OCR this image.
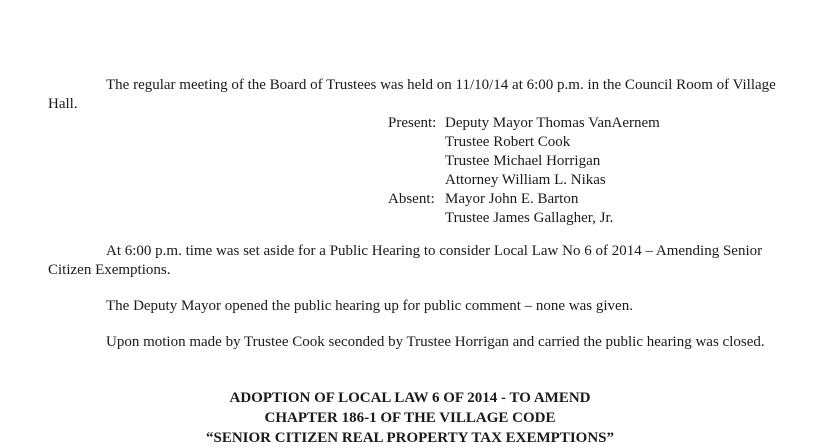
The regular meeting of the Board of Trustees was held on 11/10/14 at 6:00 p.m. in the Council Room of Village Hall.

Present: Deputy Mayor Thomas VanAernem
Trustee Robert Cook
Trustee Michael Horrigan
Attorney William L. Nikas
Absent: Mayor John E. Barton
Trustee James Gallagher, Jr.

At 6:00 p.m. time was set aside for a Public Hearing to consider Local Law No 6 of 2014 – Amending Senior Citizen Exemptions.

The Deputy Mayor opened the public hearing up for public comment – none was given.

Upon motion made by Trustee Cook seconded by Trustee Horrigan and carried the public hearing was closed.

ADOPTION OF LOCAL LAW 6 OF 2014 - TO AMEND
CHAPTER 186-1 OF THE VILLAGE CODE
“SENIOR CITIZEN REAL PROPERTY TAX EXEMPTIONS”
